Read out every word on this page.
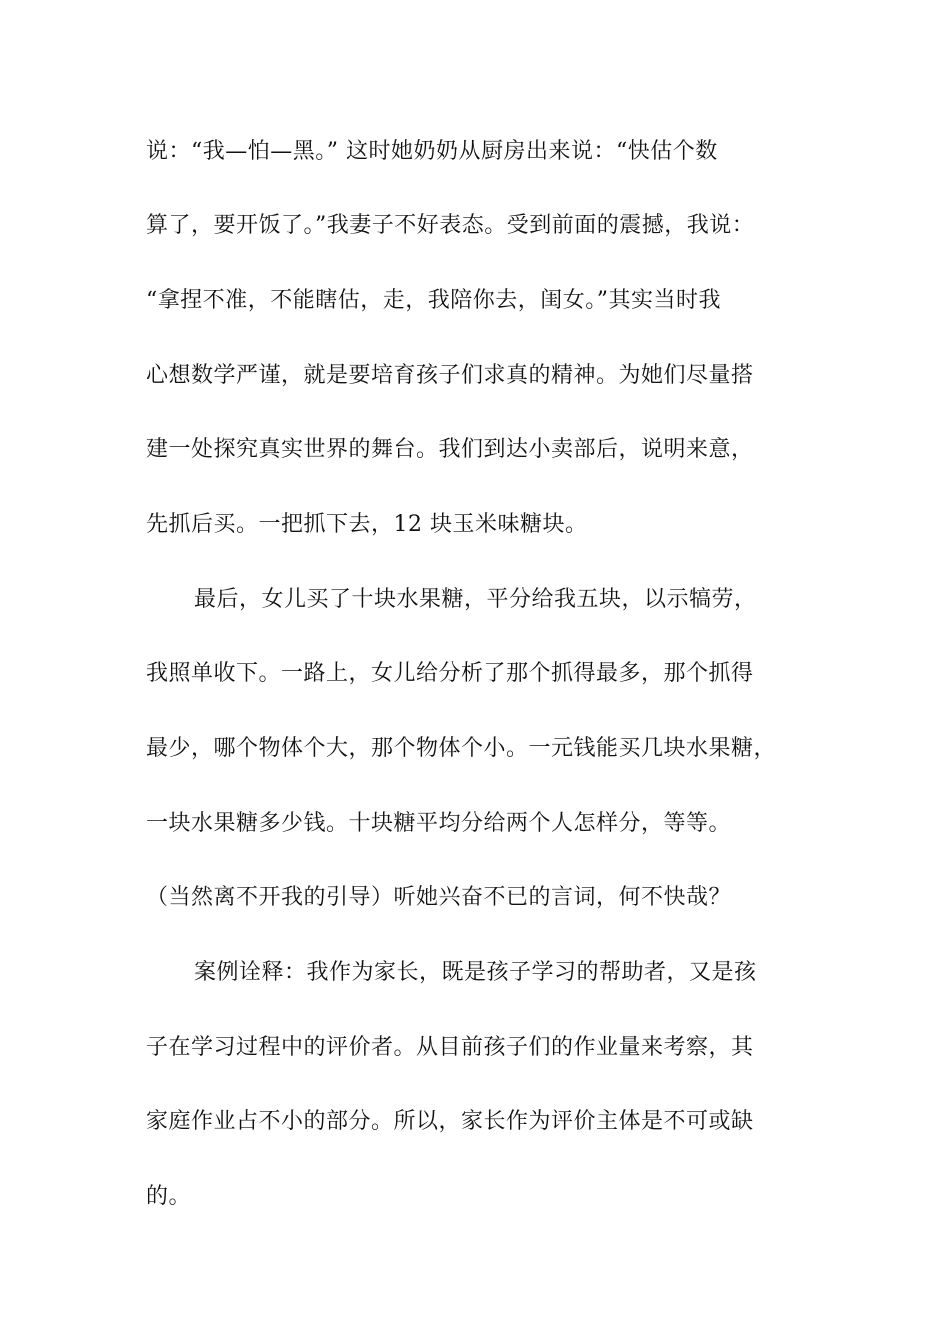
说：“我—怕—黑。” 这时她奶奶从厨房出来说：“快估个数
算了，要开饭了。”我妻子不好表态。受到前面的震撼，我说：
“拿捏不准，不能瞎估，走，我陪你去，闺女。”其实当时我
心想数学严谨，就是要培育孩子们求真的精神。为她们尽量搭
建一处探究真实世界的舞台。我们到达小卖部后，说明来意，
先抓后买。一把抓下去，12 块玉米味糖块。
最后，女儿买了十块水果糖，平分给我五块，以示犒劳，
我照单收下。一路上，女儿给分析了那个抓得最多，那个抓得
最少，哪个物体个大，那个物体个小。一元钱能买几块水果糖，
一块水果糖多少钱。十块糖平均分给两个人怎样分，等等。
（当然离不开我的引导）听她兴奋不已的言词，何不快哉？
案例诠释：我作为家长，既是孩子学习的帮助者，又是孩
子在学习过程中的评价者。从目前孩子们的作业量来考察，其
家庭作业占不小的部分。所以，家长作为评价主体是不可或缺
的。
